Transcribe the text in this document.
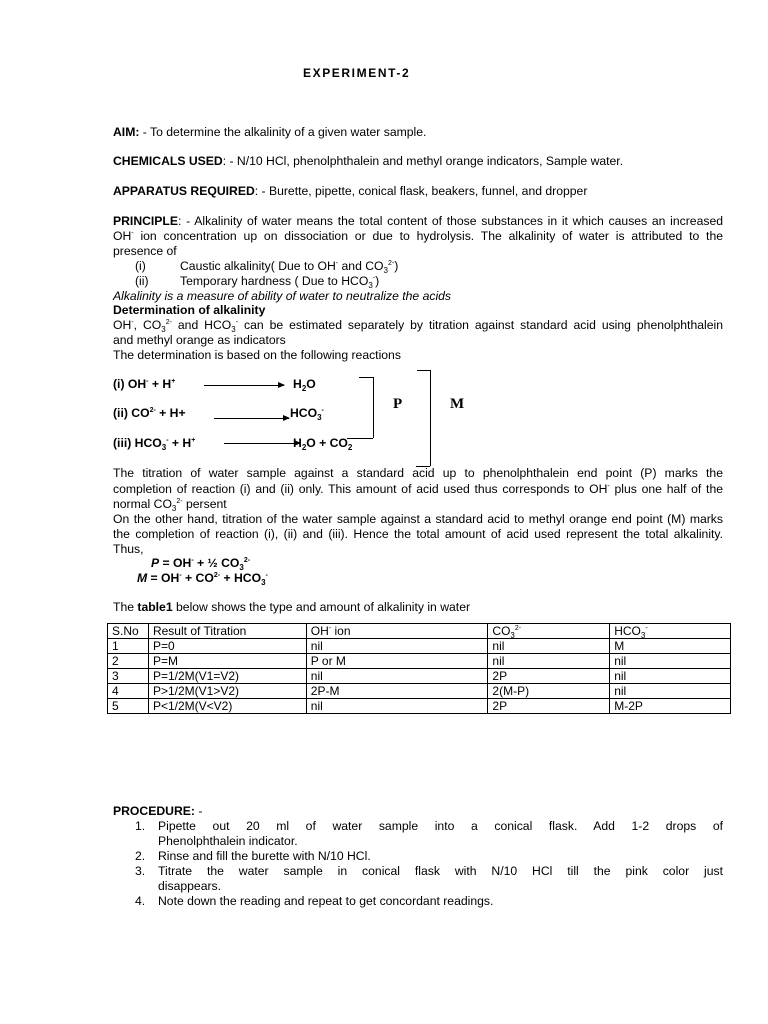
EXPERIMENT-2
AIM: - To determine the alkalinity of a given water sample.
CHEMICALS USED: - N/10 HCl, phenolphthalein and methyl orange indicators, Sample water.
APPARATUS REQUIRED: - Burette, pipette, conical flask, beakers, funnel, and dropper
PRINCIPLE: - Alkalinity of water means the total content of those substances in it which causes an increased
OH- ion concentration up on dissociation or due to hydrolysis. The alkalinity of water is attributed to the
presence of
(i)	Caustic alkalinity( Due to OH- and $CO_3^{2-}$)
(ii)	Temporary hardness ( Due to $HCO_3^-$)
Alkalinity is a measure of ability of water to neutralize the acids
Determination of alkalinity
OH-, $CO_3^{2-}$ and $HCO_3^-$ can be estimated separately by titration against standard acid using phenolphthalein
and methyl orange as indicators
The determination is based on the following reactions
(i) OH- + H+	$H_2O$
(ii) $CO^{2-} + H+$	$HCO_3^-$
(iii) $HCO_3^- + H^+$	$H_2O + CO_2$
P	M
The titration of water sample against a standard acid up to phenolphthalein end point (P) marks the
completion of reaction (i) and (ii) only. This amount of acid used thus corresponds to OH- plus one half of the
normal $CO_3^{2-}$ persent
On the other hand, titration of the water sample against a standard acid to methyl orange end point (M) marks
the completion of reaction (i), (ii) and (iii). Hence the total amount of acid used represent the total alkalinity.
Thus,
P = OH- + ½ $CO_3^{2-}$
$M = OH^- + CO^{2-} + HCO_3^-$
The table1 below shows the type and amount of alkalinity in water
S.No	Result of Titration	OH- ion	$CO_3^{2-}$	$HCO_3^-$
1	P=0	nil	nil	M
2	P=M	P or M	nil	nil
3	P=1/2M(V1=V2)	nil	2P	nil
4	P>1/2M(V1>V2)	2P-M	2(M-P)	nil
5	P<1/2M(V<V2)	nil	2P	M-2P
PROCEDURE: -
1. Pipette out 20 ml of water sample into a conical flask. Add 1-2 drops of
Phenolphthalein indicator.
2. Rinse and fill the burette with N/10 HCl.
3. Titrate the water sample in conical flask with N/10 HCl till the pink color just
disappears.
4. Note down the reading and repeat to get concordant readings.
